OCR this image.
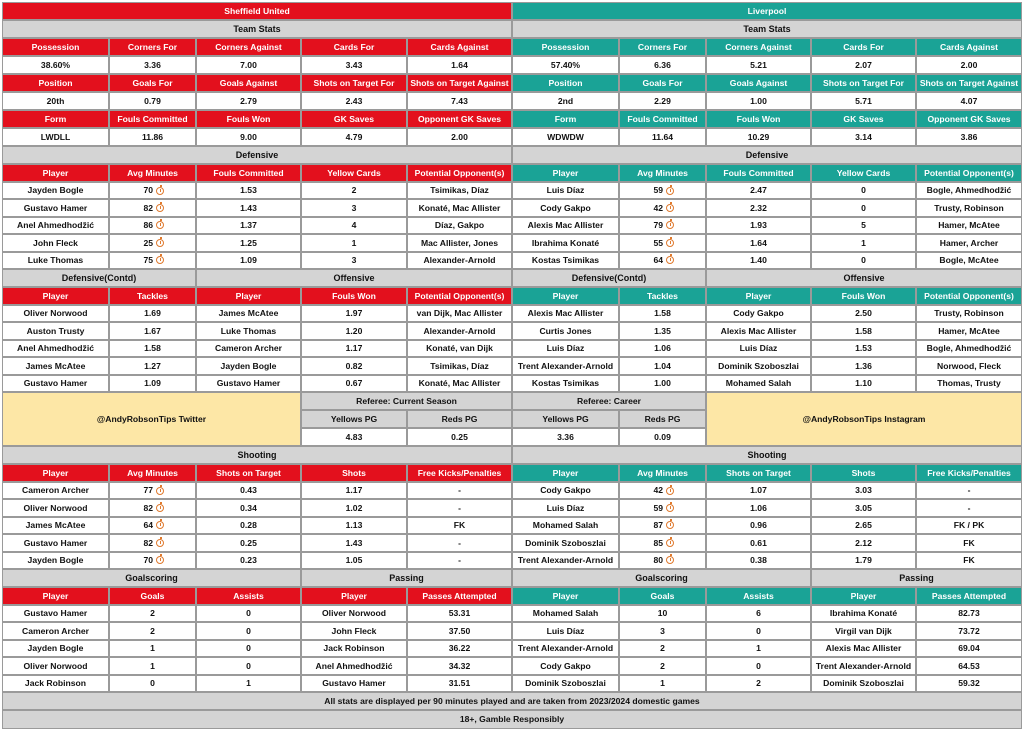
Sheffield United	Liverpool
Team Stats	Team Stats
Possession	Corners For	Corners Against	Cards For	Cards Against	Possession	Corners For	Corners Against	Cards For	Cards Against
38.60%	3.36	7.00	3.43	1.64	57.40%	6.36	5.21	2.07	2.00
Position	Goals For	Goals Against	Shots on Target For	Shots on Target Against	Position	Goals For	Goals Against	Shots on Target For	Shots on Target Against
20th	0.79	2.79	2.43	7.43	2nd	2.29	1.00	5.71	4.07
Form	Fouls Committed	Fouls Won	GK Saves	Opponent GK Saves	Form	Fouls Committed	Fouls Won	GK Saves	Opponent GK Saves
LWDLL	11.86	9.00	4.79	2.00	WDWDW	11.64	10.29	3.14	3.86
Defensive	Defensive
Player	Avg Minutes	Fouls Committed	Yellow Cards	Potential Opponent(s)	Player	Avg Minutes	Fouls Committed	Yellow Cards	Potential Opponent(s)
Jayden Bogle	70	1.53	2	Tsimikas, Díaz	Luis Díaz	59	2.47	0	Bogle, Ahmedhodžić
Gustavo Hamer	82	1.43	3	Konaté, Mac Allister	Cody Gakpo	42	2.32	0	Trusty, Robinson
Anel Ahmedhodžić	86	1.37	4	Díaz, Gakpo	Alexis Mac Allister	79	1.93	5	Hamer, McAtee
John Fleck	25	1.25	1	Mac Allister, Jones	Ibrahima Konaté	55	1.64	1	Hamer, Archer
Luke Thomas	75	1.09	3	Alexander-Arnold	Kostas Tsimikas	64	1.40	0	Bogle, McAtee
Defensive(Contd)	Offensive	Defensive(Contd)	Offensive
Player	Tackles	Player	Fouls Won	Potential Opponent(s)	Player	Tackles	Player	Fouls Won	Potential Opponent(s)
Oliver Norwood	1.69	James McAtee	1.97	van Dijk, Mac Allister	Alexis Mac Allister	1.58	Cody Gakpo	2.50	Trusty, Robinson
Auston Trusty	1.67	Luke Thomas	1.20	Alexander-Arnold	Curtis Jones	1.35	Alexis Mac Allister	1.58	Hamer, McAtee
Anel Ahmedhodžić	1.58	Cameron Archer	1.17	Konaté, van Dijk	Luis Díaz	1.06	Luis Díaz	1.53	Bogle, Ahmedhodžić
James McAtee	1.27	Jayden Bogle	0.82	Tsimikas, Díaz	Trent Alexander-Arnold	1.04	Dominik Szoboszlai	1.36	Norwood, Fleck
Gustavo Hamer	1.09	Gustavo Hamer	0.67	Konaté, Mac Allister	Kostas Tsimikas	1.00	Mohamed Salah	1.10	Thomas, Trusty
@AndyRobsonTips Twitter	@AndyRobsonTips Instagram
Referee: Current Season	Referee: Career
Yellows PG	Reds PG	Yellows PG	Reds PG
4.83	0.25	3.36	0.09
Shooting	Shooting
Player	Avg Minutes	Shots on Target	Shots	Free Kicks/Penalties	Player	Avg Minutes	Shots on Target	Shots	Free Kicks/Penalties
Cameron Archer	77	0.43	1.17	-	Cody Gakpo	42	1.07	3.03	-
Oliver Norwood	82	0.34	1.02	-	Luis Díaz	59	1.06	3.05	-
James McAtee	64	0.28	1.13	FK	Mohamed Salah	87	0.96	2.65	FK / PK
Gustavo Hamer	82	0.25	1.43	-	Dominik Szoboszlai	85	0.61	2.12	FK
Jayden Bogle	70	0.23	1.05	-	Trent Alexander-Arnold	80	0.38	1.79	FK
Goalscoring	Passing	Goalscoring	Passing
Player	Goals	Assists	Player	Passes Attempted	Player	Goals	Assists	Player	Passes Attempted
Gustavo Hamer	2	0	Oliver Norwood	53.31	Mohamed Salah	10	6	Ibrahima Konaté	82.73
Cameron Archer	2	0	John Fleck	37.50	Luis Díaz	3	0	Virgil van Dijk	73.72
Jayden Bogle	1	0	Jack Robinson	36.22	Trent Alexander-Arnold	2	1	Alexis Mac Allister	69.04
Oliver Norwood	1	0	Anel Ahmedhodžić	34.32	Cody Gakpo	2	0	Trent Alexander-Arnold	64.53
Jack Robinson	0	1	Gustavo Hamer	31.51	Dominik Szoboszlai	1	2	Dominik Szoboszlai	59.32
All stats are displayed per 90 minutes played and are taken from 2023/2024 domestic games
18+, Gamble Responsibly
